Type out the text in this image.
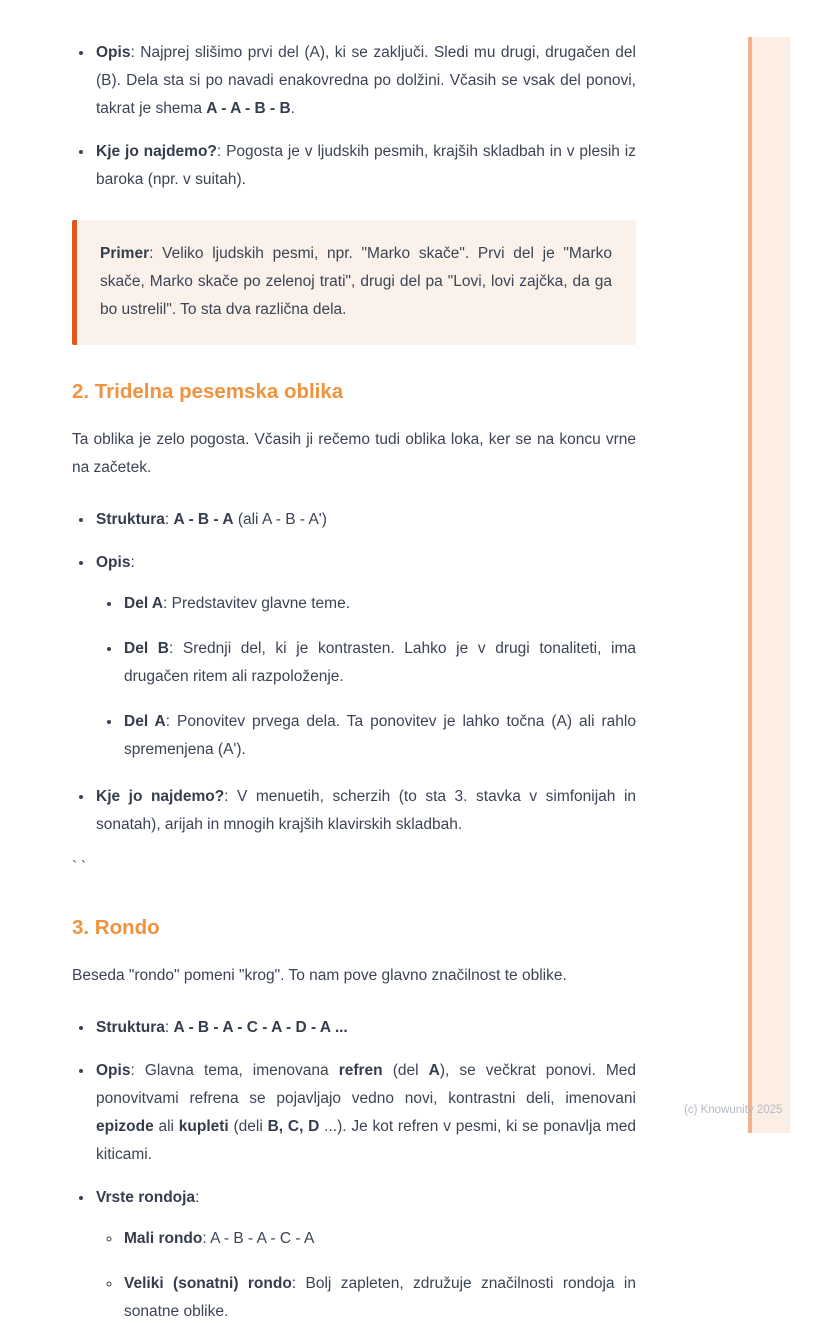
• Opis: Najprej slišimo prvi del (A), ki se zaključi. Sledi mu drugi, drugačen del (B). Dela sta si po navadi enakovredna po dolžini. Včasih se vsak del ponovi, takrat je shema A - A - B - B.
• Kje jo najdemo?: Pogosta je v ljudskih pesmih, krajših skladbah in v plesih iz baroka (npr. v suitah).
Primer: Veliko ljudskih pesmi, npr. "Marko skače". Prvi del je "Marko skače, Marko skače po zelenoj trati", drugi del pa "Lovi, lovi zajčka, da ga bo ustrelil". To sta dva različna dela.
2. Tridelna pesemska oblika

Ta oblika je zelo pogosta. Včasih ji rečemo tudi oblika loka, ker se na koncu vrne na začetek.

• Struktura: A - B - A (ali A - B - A')
• Opis:
• Del A: Predstavitev glavne teme.
• Del B: Srednji del, ki je kontrasten. Lahko je v drugi tonaliteti, ima drugačen ritem ali razpoloženje.
• Del A: Ponovitev prvega dela. Ta ponovitev je lahko točna (A) ali rahlo spremenjena (A').
• Kje jo najdemo?: V menuetih, scherzih (to sta 3. stavka v simfonijah in sonatah), arijah in mnogih krajših klavirskih skladbah.
``
3. Rondo

Beseda "rondo" pomeni "krog". To nam pove glavno značilnost te oblike.

• Struktura: A - B - A - C - A - D - A ...
• Opis: Glavna tema, imenovana refren (del A), se večkrat ponovi. Med ponovitvami refrena se pojavljajo vedno novi, kontrastni deli, imenovani epizode ali kupleti (deli B, C, D ...). Je kot refren v pesmi, ki se ponavlja med kiticami.
• Vrste rondoja:
◦ Mali rondo: A - B - A - C - A
◦ Veliki (sonatni) rondo: Bolj zapleten, združuje značilnosti rondoja in sonatne oblike.
(c) Knowunity 2025
